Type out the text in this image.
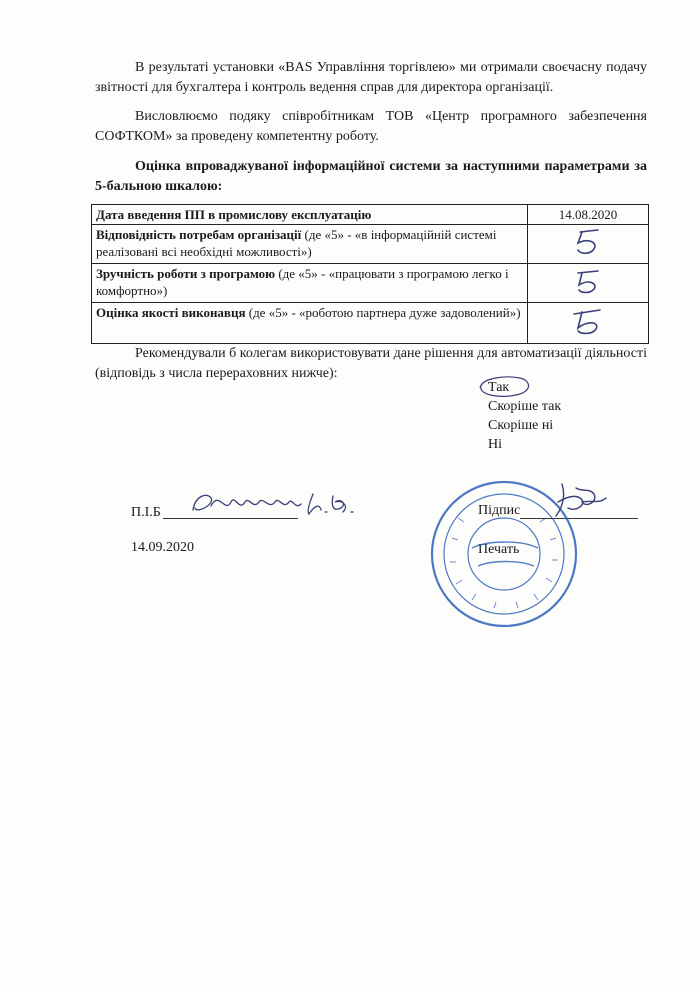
В результаті установки «BAS Управління торгівлею» ми отримали своєчасну подачу звітності для бухгалтера і контроль ведення справ для директора організації.
Висловлюємо подяку співробітникам ТОВ «Центр програмного забезпечення СОФТКОМ» за проведену компетентну роботу.
Оцінка впроваджуваної інформаційної системи за наступними параметрами за 5-бальною шкалою:
Дата введення ПП в промислову експлуатацію	14.08.2020
Відповідність потребам організації (де «5» - «в інформаційній системі реалізовані всі необхідні можливості»)	5

Зручність роботи з програмою (де «5» - «працювати з програмою легко і комфортно»)	5

Оцінка якості виконавця (де «5» - «роботою партнера дуже задоволений»)	5
Рекомендували б колегам використовувати дане рішення для автоматизації діяльності (відповідь з числа перераховних нижче):
Так
Скоріше так
Скоріше ні
Ні
П.І.Б
14.09.2020
Підпис
Печать
